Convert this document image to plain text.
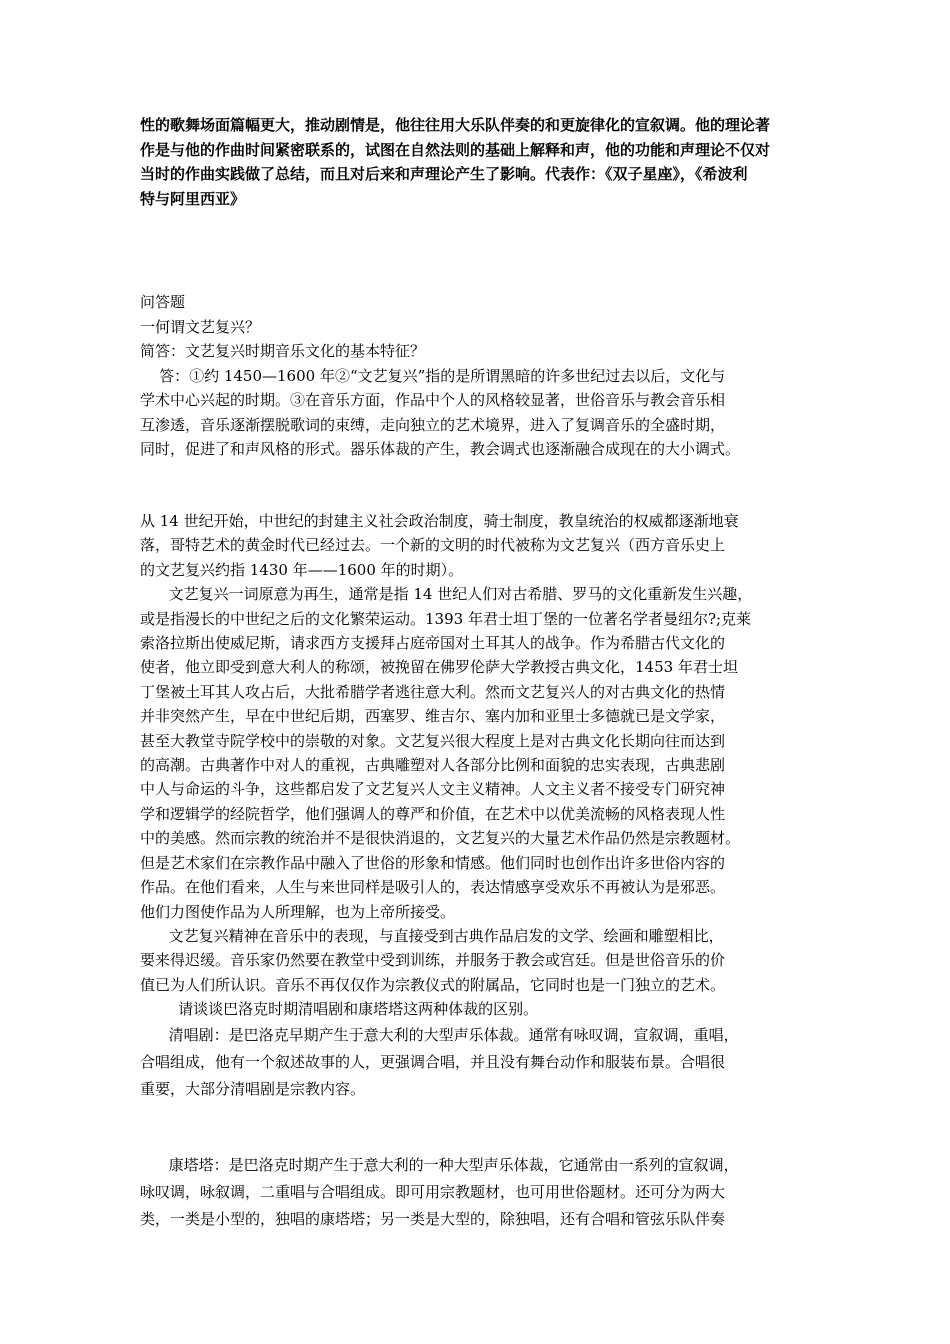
性的歌舞场面篇幅更大，推动剧情是，他往往用大乐队伴奏的和更旋律化的宣叙调。他的理论著

作是与他的作曲时间紧密联系的，试图在自然法则的基础上解释和声，他的功能和声理论不仅对

当时的作曲实践做了总结，而且对后来和声理论产生了影响。代表作：《双子星座》，《希波利

特与阿里西亚》

问答题

一何谓文艺复兴？

简答：文艺复兴时期音乐文化的基本特征？

答：①约 1450—1600 年②“文艺复兴”指的是所谓黑暗的许多世纪过去以后，文化与

学术中心兴起的时期。③在音乐方面，作品中个人的风格较显著，世俗音乐与教会音乐相

互渗透，音乐逐渐摆脱歌词的束缚，走向独立的艺术境界，进入了复调音乐的全盛时期，

同时，促进了和声风格的形式。器乐体裁的产生，教会调式也逐渐融合成现在的大小调式。

从 14 世纪开始，中世纪的封建主义社会政治制度，骑士制度，教皇统治的权威都逐渐地衰

落，哥特艺术的黄金时代已经过去。一个新的文明的时代被称为文艺复兴（西方音乐史上

的文艺复兴约指 1430 年——1600 年的时期）。

文艺复兴一词原意为再生，通常是指 14 世纪人们对古希腊、罗马的文化重新发生兴趣，

或是指漫长的中世纪之后的文化繁荣运动。1393 年君士坦丁堡的一位著名学者曼纽尔?;克莱

索洛拉斯出使威尼斯，请求西方支援拜占庭帝国对土耳其人的战争。作为希腊古代文化的

使者，他立即受到意大利人的称颂，被挽留在佛罗伦萨大学教授古典文化，1453 年君士坦

丁堡被土耳其人攻占后，大批希腊学者逃往意大利。然而文艺复兴人的对古典文化的热情

并非突然产生，早在中世纪后期，西塞罗、维吉尔、塞内加和亚里士多德就已是文学家，

甚至大教堂寺院学校中的崇敬的对象。文艺复兴很大程度上是对古典文化长期向往而达到

的高潮。古典著作中对人的重视，古典雕塑对人各部分比例和面貌的忠实表现，古典悲剧

中人与命运的斗争，这些都启发了文艺复兴人文主义精神。人文主义者不接受专门研究神

学和逻辑学的经院哲学，他们强调人的尊严和价值，在艺术中以优美流畅的风格表现人性

中的美感。然而宗教的统治并不是很快消退的，文艺复兴的大量艺术作品仍然是宗教题材。

但是艺术家们在宗教作品中融入了世俗的形象和情感。他们同时也创作出许多世俗内容的

作品。在他们看来，人生与来世同样是吸引人的，表达情感享受欢乐不再被认为是邪恶。

他们力图使作品为人所理解，也为上帝所接受。

文艺复兴精神在音乐中的表现，与直接受到古典作品启发的文学、绘画和雕塑相比，

要来得迟缓。音乐家仍然要在教堂中受到训练，并服务于教会或宫廷。但是世俗音乐的价

值已为人们所认识。音乐不再仅仅作为宗教仪式的附属品，它同时也是一门独立的艺术。

请谈谈巴洛克时期清唱剧和康塔塔这两种体裁的区别。

清唱剧：是巴洛克早期产生于意大利的大型声乐体裁。通常有咏叹调，宣叙调，重唱，

合唱组成，他有一个叙述故事的人，更强调合唱，并且没有舞台动作和服装布景。合唱很

重要，大部分清唱剧是宗教内容。

康塔塔：是巴洛克时期产生于意大利的一种大型声乐体裁，它通常由一系列的宣叙调，

咏叹调，咏叙调，二重唱与合唱组成。即可用宗教题材，也可用世俗题材。还可分为两大

类，一类是小型的，独唱的康塔塔；另一类是大型的，除独唱，还有合唱和管弦乐队伴奏
